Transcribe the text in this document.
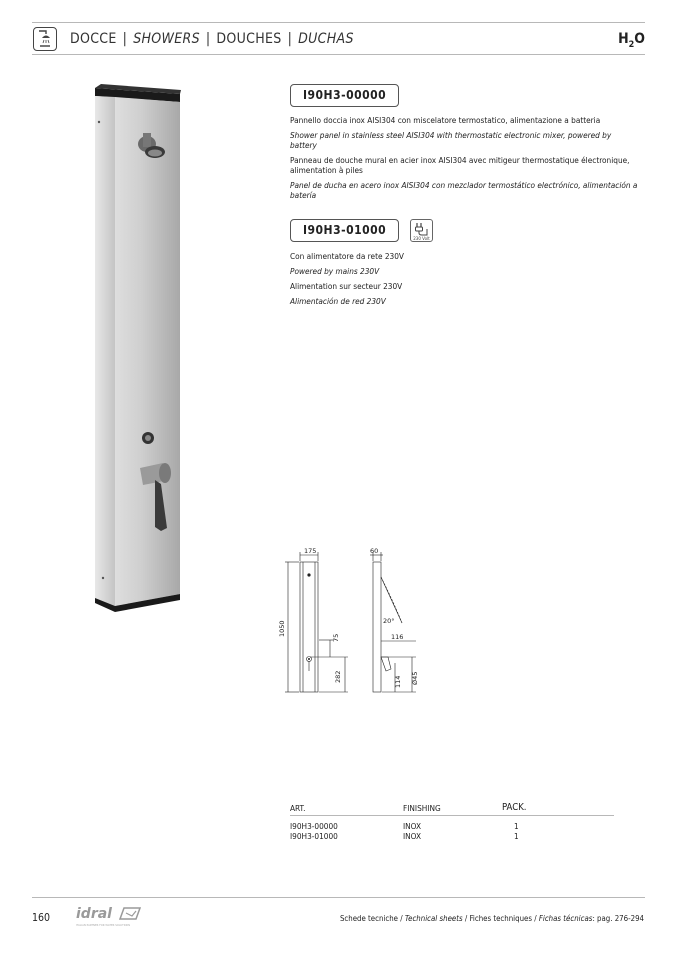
DOCCE | SHOWERS | DOUCHES | DUCHAS	$H_2O$
I90H3-00000

Pannello doccia inox AISI304 con miscelatore termostatico, alimentazione a batteria

Shower panel in stainless steel AISI304 with thermostatic electronic mixer, powered by battery

Panneau de douche mural en acier inox AISI304 avec mitigeur thermostatique électronique, alimentation à piles

Panel de ducha en acero inox AISI304 con mezclador termostático electrónico, alimentación a batería

I90H3-01000
230 Volt

Con alimentatore da rete 230V

Powered by mains 230V

Alimentation sur secteur 230V

Alimentación de red 230V

175	60
1050
75
282
20°
116
114 Ø45
ART.	FINISHING	PACK.
I90H3-00000	INOX	1
I90H3-01000	INOX	1
160 idral
ITALIAN PARTNER FOR WATER SOLUTIONS
Schede tecniche / Technical sheets / Fiches techniques / Fichas técnicas: pag. 276-294
